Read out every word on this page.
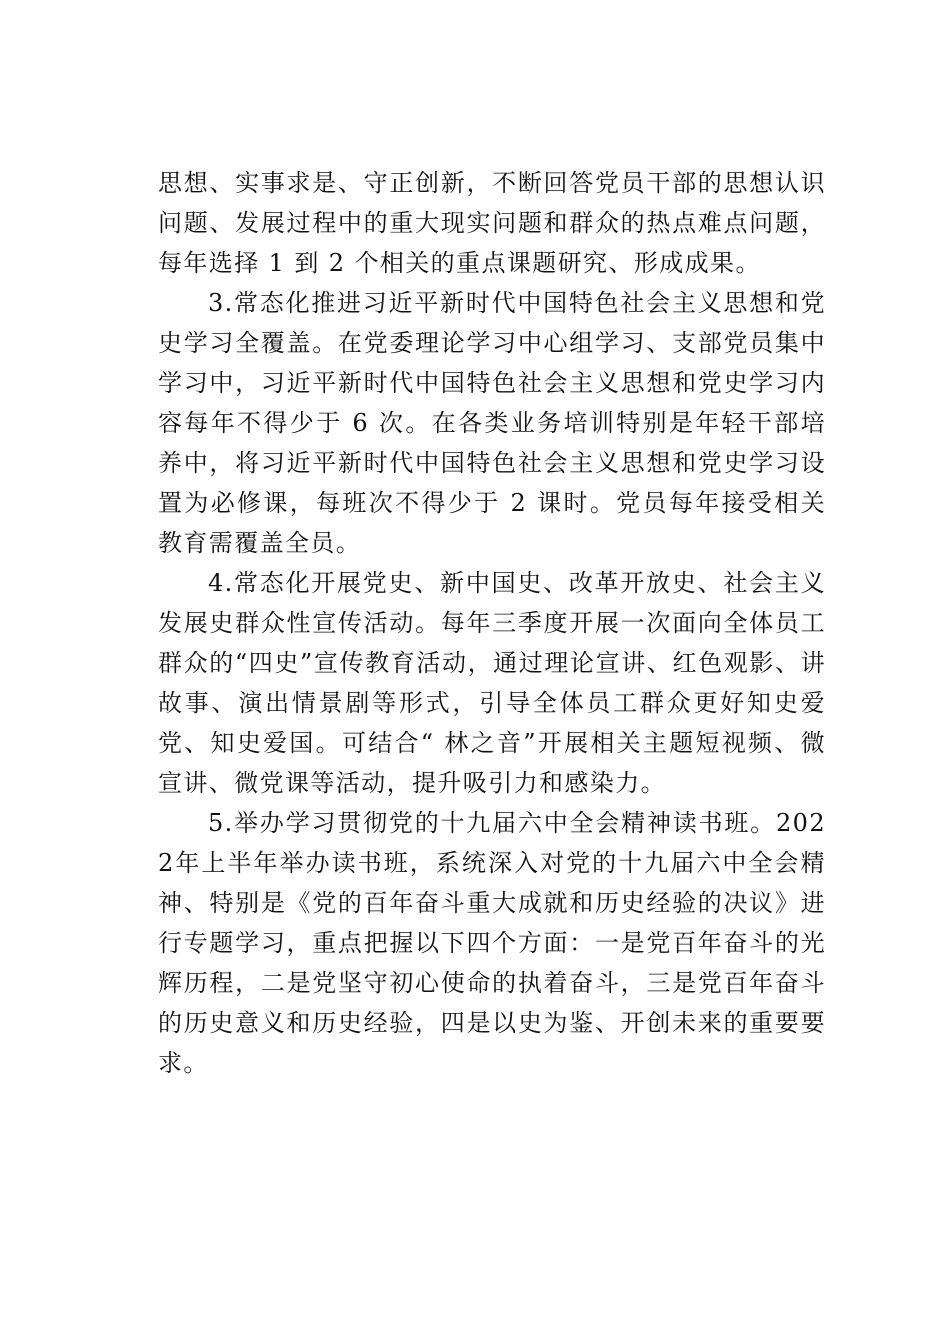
思想、实事求是、守正创新，不断回答党员干部的思想认识问题、发展过程中的重大现实问题和群众的热点难点问题，每年选择 1 到 2 个相关的重点课题研究、形成成果。

3.常态化推进习近平新时代中国特色社会主义思想和党史学习全覆盖。在党委理论学习中心组学习、支部党员集中学习中，习近平新时代中国特色社会主义思想和党史学习内容每年不得少于 6 次。在各类业务培训特别是年轻干部培养中，将习近平新时代中国特色社会主义思想和党史学习设置为必修课，每班次不得少于 2 课时。党员每年接受相关教育需覆盖全员。

4.常态化开展党史、新中国史、改革开放史、社会主义发展史群众性宣传活动。每年三季度开展一次面向全体员工群众的“四史”宣传教育活动，通过理论宣讲、红色观影、讲故事、演出情景剧等形式，引导全体员工群众更好知史爱党、知史爱国。可结合“ 林之音”开展相关主题短视频、微宣讲、微党课等活动，提升吸引力和感染力。

5.举办学习贯彻党的十九届六中全会精神读书班。2022年上半年举办读书班，系统深入对党的十九届六中全会精神、特别是《党的百年奋斗重大成就和历史经验的决议》进行专题学习，重点把握以下四个方面：一是党百年奋斗的光辉历程，二是党坚守初心使命的执着奋斗，三是党百年奋斗的历史意义和历史经验，四是以史为鉴、开创未来的重要要求。
